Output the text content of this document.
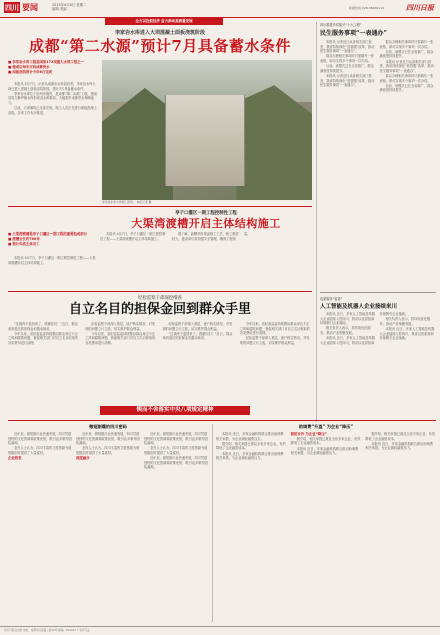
四川 要闻	2025年4月8日 星期二
编辑 美编	新闻热线:028-86969110	四川日报
全力以赴抓经济 奋力推动高质量发展
李家岩水库进入大坝混凝土面板浇筑阶段
成都“第二水源”预计7月具备蓄水条件
■ 李家岩水库工程是国家172项重大水利工程之一
■ 建成后每年可向成都供水
■ 面板浇筑预计今年6月完成

本报讯 4月7日，记者从成都市水务局获悉，李家岩水库大坝已进入混凝土面板浇筑阶段，预计7月具备蓄水条件。

李家岩水库位于崇州市境内，是成都“第二水源”工程，建成后将与紫坪铺水库形成双水源格局，大幅提升成都供水保障能力。

目前，大坝填筑已全部完成，施工人员正在进行面板混凝土浇筑，各项工作有序推进。

李家岩水库大坝施工现场。 本报记者 摄
亭子口灌区一期工程控制性工程
大渠湾渡槽开启主体结构施工
■ 大渠湾渡槽是亭子口灌区一期工程的重要组成部分
■ 渡槽全长约700米
■ 预计年底主体完工

本报讯 4月7日，亭子口灌区一期工程控制性工程——大渠湾渡槽开启主体结构施工。

据了解，渡槽采用现浇施工工艺，施工难度较大，建设单位将加强安全管理，确保工程质量。

本报讯 4月7日，亭子口灌区一期工程控制性工程——大渠湾渡槽开启主体结构施工。

纪检监察干部深挖细查
自立名目的担保金回到群众手里

“这钱终于退回来了，感谢你们！”近日，群众拿到退还的担保金后激动地说。

今年以来，省纪委监委持续整治群众身边不正之风和腐败问题，督促相关部门对自立名目收取的各类费用进行清理。

纪检监察干部深入基层，逐户核实情况，对发现的问题立行立改，切实维护群众利益。

今年以来，省纪委监委持续整治群众身边不正之风和腐败问题，督促相关部门对自立名目收取的各类费用进行清理。

纪检监察干部深入基层，逐户核实情况，对发现的问题立行立改，切实维护群众利益。

“这钱终于退回来了，感谢你们！”近日，群众拿到退还的担保金后激动地说。

今年以来，省纪委监委持续整治群众身边不正之风和腐败问题，督促相关部门对自立名目收取的各类费用进行清理。

纪检监察干部深入基层，逐户核实情况，对发现的问题立行立改，切实维护群众利益。

锲而不舍落实中央八项规定精神
四川推进乡村振兴“十大工程”
民生服务事项“一表通办”

本报讯 记者近日从省相关部门获悉，我省持续深化“放管服”改革，推动民生服务事项“一表通办”。

群众办理相关事项时只需填写一张表格，即可实现多个事项一次办结。

目前，该模式已在全省推广，群众满意度持续提升。

本报讯 记者近日从省相关部门获悉，我省持续深化“放管服”改革，推动民生服务事项“一表通办”。

群众办理相关事项时只需填写一张表格，即可实现多个事项一次办结。

目前，该模式已在全省推广，群众满意度持续提升。

本报讯 记者近日从省相关部门获悉，我省持续深化“放管服”改革，推动民生服务事项“一表通办”。

群众办理相关事项时只需填写一张表格，即可实现多个事项一次办结。

目前，该模式已在全省推广，群众满意度持续提升。

优质服务“留客”
人工智能及机器人企业接续来川

本报讯 近日，多家人工智能及机器人企业陆续入驻四川，我省以优质营商环境吸引企业落地。

相关负责人表示，将持续优化服务，推动产业集聚发展。

本报讯 近日，多家人工智能及机器人企业陆续入驻四川，我省以优质营商环境吸引企业落地。

相关负责人表示，将持续优化服务，推动产业集聚发展。

本报讯 近日，多家人工智能及机器人企业陆续入驻四川，我省以优质营商环境吸引企业落地。

微短剧爆的四川密码

近年来，微短剧行业快速发展，四川凭借独特的文化资源和政策优势，吸引众多制作团队落地。

业内人士认为，四川丰富的文旅资源为微短剧创作提供了大量素材。

企业热衷

近年来，微短剧行业快速发展，四川凭借独特的文化资源和政策优势，吸引众多制作团队落地。

业内人士认为，四川丰富的文旅资源为微短剧创作提供了大量素材。

深度融合

近年来，微短剧行业快速发展，四川凭借独特的文化资源和政策优势，吸引众多制作团队落地。

业内人士认为，四川丰富的文旅资源为微短剧创作提供了大量素材。

近年来，微短剧行业快速发展，四川凭借独特的文化资源和政策优势，吸引众多制作团队落地。

助调费“升温” 为企业“降压”

本报讯 近日，多家金融机构联合推出助调费相关举措，为企业减轻融资压力。

据介绍，相关举措已惠及全省多家企业，有效降低了企业融资成本。

本报讯 近日，多家金融机构联合推出助调费相关举措，为企业减轻融资压力。

银团合作 为企业“降压”

据介绍，相关举措已惠及全省多家企业，有效降低了企业融资成本。

本报讯 近日，多家金融机构联合推出助调费相关举措，为企业减轻融资压力。

据介绍，相关举措已惠及全省多家企业，有效降低了企业融资成本。

本报讯 近日，多家金融机构联合推出助调费相关举措，为企业减轻融资压力。

四川日报社出版 地址：成都市红星路二段70号 邮编：610012 广告许可证
